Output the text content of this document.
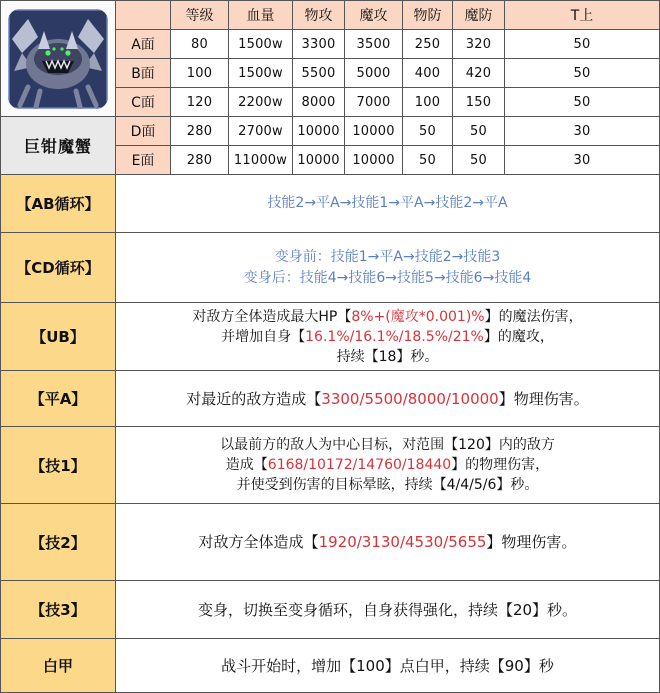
		等级	血量	物攻	魔攻	物防	魔防	T上
	A面	80	1500w	3300	3500	250	320	50
	B面	100	1500w	5500	5000	400	420	50
	C面	120	2200w	8000	7000	100	150	50
巨钳魔蟹	D面	280	2700w	10000	10000	50	50	30
	E面	280	11000w	10000	10000	50	50	30
【AB循环】	技能2→平A→技能1→平A→技能2→平A							
【CD循环】	变身前：技能1→平A→技能2→技能3
变身后：技能4→技能6→技能5→技能6→技能4							

【UB】	对敌方全体造成最大HP【8%+(魔攻*0.001)%】的魔法伤害，
并增加自身【16.1%/16.1%/18.5%/21%】的魔攻，
持续【18】秒。							

【平A】	对最近的敌方造成【3300/5500/8000/10000】物理伤害。							
【技1】	以最前方的敌人为中心目标，对范围【120】内的敌方
造成【6168/10172/14760/18440】的物理伤害，
并使受到伤害的目标晕眩，持续【4/4/5/6】秒。							

【技2】	对敌方全体造成【1920/3130/4530/5655】物理伤害。							
【技3】	变身，切换至变身循环，自身获得强化，持续【20】秒。							
白甲	战斗开始时，增加【100】点白甲，持续【90】秒							
